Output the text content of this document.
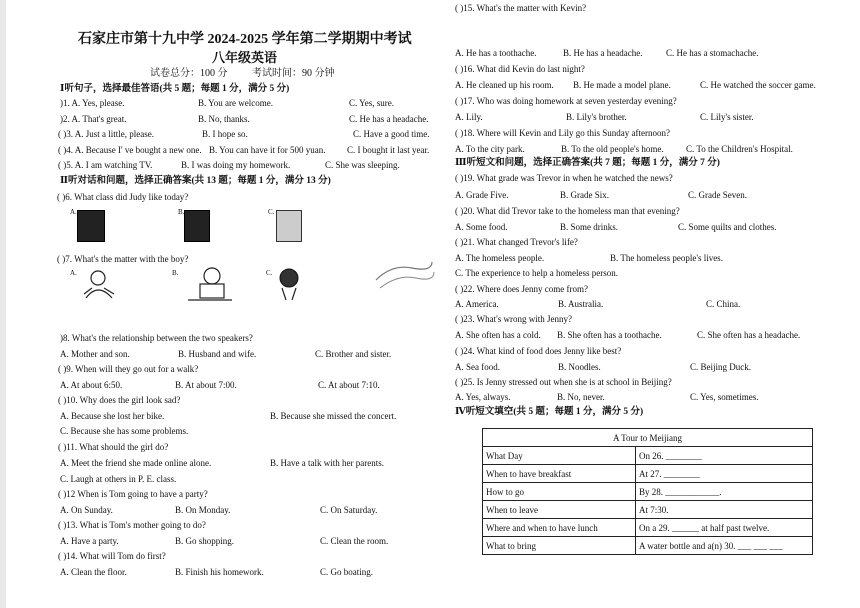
石家庄市第十九中学 2024-2025 学年第二学期期中考试
八年级英语
试卷总分：100 分 考试时间：90 分钟
Ⅰ听句子，选择最佳答语(共 5 题；每题 1 分，满分 5 分)
)1. A. Yes, please.	B. You are welcome.	C. Yes, sure.
)2. A. That's great.	B. No, thanks.	C. He has a headache.
( )3. A. Just a little, please.	B. I hope so.	C. Have a good time.
( )4. A. Because I' ve bought a new one. B. You can have it for 500 yuan. C. I bought it last year.
( )5. A. I am watching TV.	B. I was doing my homework.	C. She was sleeping.
Ⅱ听对话和问题，选择正确答案(共 13 题；每题 1 分，满分 13 分)
( )6. What class did Judy like today?
A.	B.	C.
( )7. What's the matter with the boy?
A.	B.	C.
)8. What's the relationship between the two speakers?
A. Mother and son.	B. Husband and wife.	C. Brother and sister.
( )9. When will they go out for a walk?
A. At about 6:50.	B. At about 7:00.	C. At about 7:10.
( )10. Why does the girl look sad?
A. Because she lost her bike.	B. Because she missed the concert.
C. Because she has some problems.
( )11. What should the girl do?
A. Meet the friend she made online alone.	B. Have a talk with her parents.
C. Laugh at others in P. E. class.
( )12 When is Tom going to have a party?
A. On Sunday.	B. On Monday.	C. On Saturday.
( )13. What is Tom's mother going to do?
A. Have a party.	B. Go shopping.	C. Clean the room.
( )14. What will Tom do first?
A. Clean the floor.	B. Finish his homework.	C. Go boating.
( )15. What's the matter with Kevin?
A. He has a toothache.	B. He has a headache.	C. He has a stomachache.
( )16. What did Kevin do last night?
A. He cleaned up his room. B. He made a model plane.	C. He watched the soccer game.
( )17. Who was doing homework at seven yesterday evening?
A. Lily.	B. Lily's brother.	C. Lily's sister.
( )18. Where will Kevin and Lily go this Sunday afternoon?
A. To the city park.	B. To the old people's home. C. To the Children's Hospital.
Ⅲ听短文和问题，选择正确答案(共 7 题；每题 1 分，满分 7 分)
( )19. What grade was Trevor in when he watched the news?
A. Grade Five.	B. Grade Six.	C. Grade Seven.
( )20. What did Trevor take to the homeless man that evening?
A. Some food.	B. Some drinks.	C. Some quilts and clothes.
( )21. What changed Trevor's life?
A. The homeless people.	B. The homeless people's lives.
C. The experience to help a homeless person.
( )22. Where does Jenny come from?
A. America.	B. Australia.	C. China.
( )23. What's wrong with Jenny?
A. She often has a cold. B. She often has a toothache.	C. She often has a headache.
( )24. What kind of food does Jenny like best?
A. Sea food.	B. Noodles.	C. Beijing Duck.
( )25. Is Jenny stressed out when she is at school in Beijing?
A. Yes, always.	B. No, never.	C. Yes, sometimes.
Ⅳ听短文填空(共 5 题；每题 1 分，满分 5 分)
A Tour to Meijiang	
What Day	On 26. ________
When to have breakfast	At 27. ________
How to go	By 28. ____________.
When to leave	At 7:30.
Where and when to have lunch	On a 29. ______ at half past twelve.
What to bring	A water bottle and a(n) 30. ___ ___ ___
